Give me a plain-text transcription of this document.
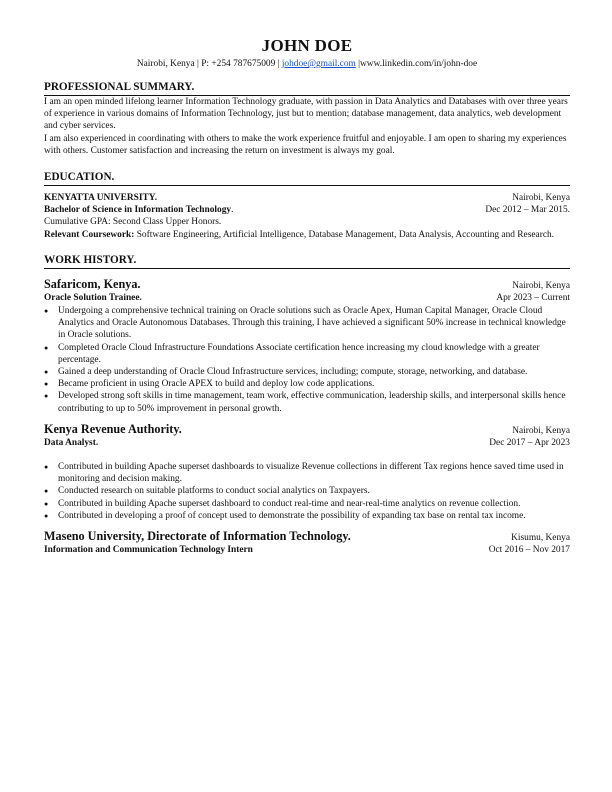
JOHN DOE
Nairobi, Kenya | P: +254 787675009 | johdoe@gmail.com |www.linkedin.com/in/john-doe
PROFESSIONAL SUMMARY.
I am an open minded lifelong learner Information Technology graduate, with passion in Data Analytics and Databases with over three years of experience in various domains of Information Technology, just but to mention; database management, data analytics, web development and cyber services.
I am also experienced in coordinating with others to make the work experience fruitful and enjoyable. I am open to sharing my experiences with others. Customer satisfaction and increasing the return on investment is always my goal.
EDUCATION.
KENYATTA UNIVERSITY.	Nairobi, Kenya
Bachelor of Science in Information Technology.	Dec 2012 – Mar 2015.
Cumulative GPA: Second Class Upper Honors.
Relevant Coursework: Software Engineering, Artificial Intelligence, Database Management, Data Analysis, Accounting and Research.
WORK HISTORY.
Safaricom, Kenya.	Nairobi, Kenya
Oracle Solution Trainee.	Apr 2023 – Current
● Undergoing a comprehensive technical training on Oracle solutions such as Oracle Apex, Human Capital Manager, Oracle Cloud Analytics and Oracle Autonomous Databases. Through this training, I have achieved a significant 50% increase in technical knowledge in Oracle solutions.
● Completed Oracle Cloud Infrastructure Foundations Associate certification hence increasing my cloud knowledge with a greater percentage.
● Gained a deep understanding of Oracle Cloud Infrastructure services, including; compute, storage, networking, and database.
● Became proficient in using Oracle APEX to build and deploy low code applications.
● Developed strong soft skills in time management, team work, effective communication, leadership skills, and interpersonal skills hence contributing to up to 50% improvement in personal growth.
Kenya Revenue Authority.	Nairobi, Kenya
Data Analyst.	Dec 2017 – Apr 2023
● Contributed in building Apache superset dashboards to visualize Revenue collections in different Tax regions hence saved time used in monitoring and decision making.
● Conducted research on suitable platforms to conduct social analytics on Taxpayers.
● Contributed in building Apache superset dashboard to conduct real-time and near-real-time analytics on revenue collection.
● Contributed in developing a proof of concept used to demonstrate the possibility of expanding tax base on rental tax income.
Maseno University, Directorate of Information Technology.	Kisumu, Kenya
Information and Communication Technology Intern	Oct 2016 – Nov 2017
